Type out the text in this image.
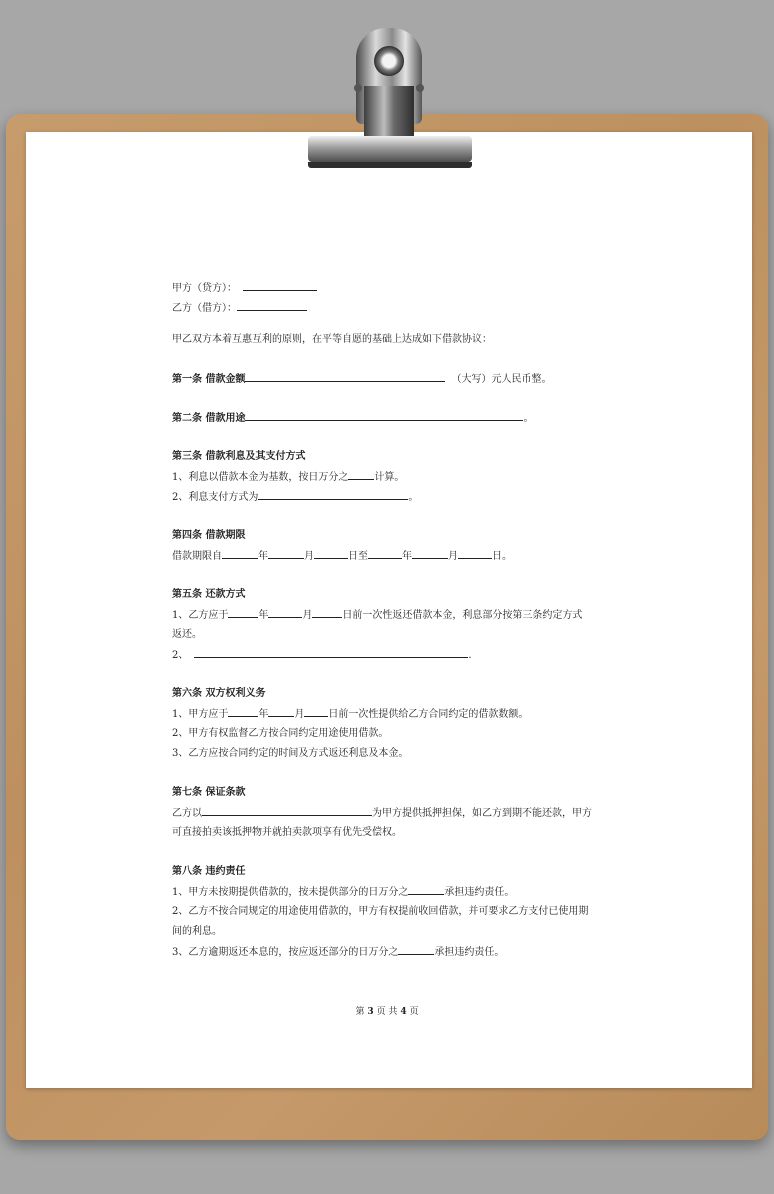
甲方（贷方）：
乙方（借方）：
甲乙双方本着互惠互利的原则，在平等自愿的基础上达成如下借款协议：
第一条 借款金额	（大写）元人民币整。
第二条 借款用途	。
第三条 借款利息及其支付方式
1、利息以借款本金为基数，按日万分之	计算。
2、利息支付方式为	。
第四条 借款期限
借款期限自	年	月	日至	年	月	日。
第五条 还款方式
1、乙方应于	年	月	日前一次性返还借款本金，利息部分按第三条约定方式
返还。
2、	.
第六条 双方权利义务
1、甲方应于	年	月 日前一次性提供给乙方合同约定的借款数额。
2、甲方有权监督乙方按合同约定用途使用借款。
3、乙方应按合同约定的时间及方式返还利息及本金。
第七条 保证条款
乙方以	为甲方提供抵押担保，如乙方到期不能还款，甲方
可直接拍卖该抵押物并就拍卖款项享有优先受偿权。
第八条 违约责任
1、甲方未按期提供借款的，按未提供部分的日万分之	承担违约责任。
2、乙方不按合同规定的用途使用借款的，甲方有权提前收回借款，并可要求乙方支付已使用期
间的利息。
3、乙方逾期返还本息的，按应返还部分的日万分之	承担违约责任。
第 3 页 共 4 页
